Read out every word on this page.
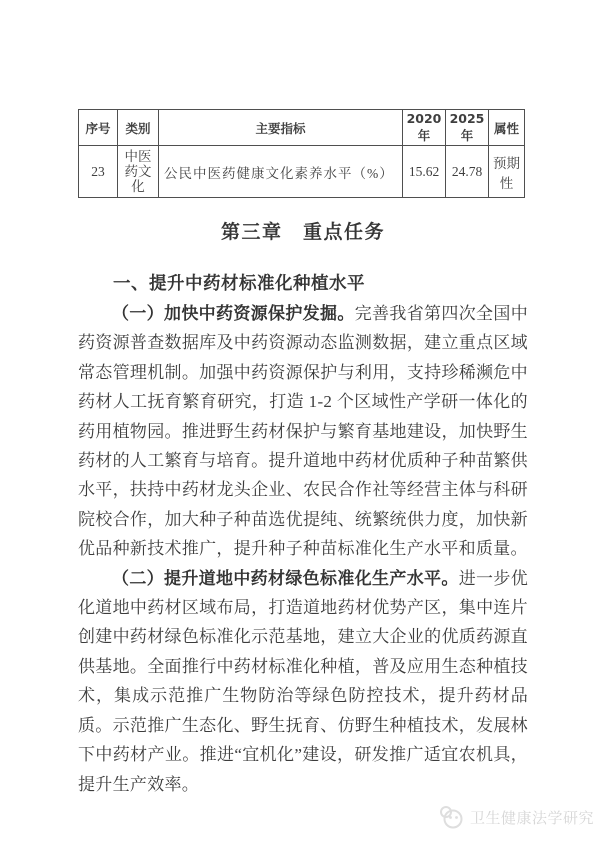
序号	类别	主要指标	2020 年	2025 年	属性
23	中医药文化	公民中医药健康文化素养水平（%）	15.62	24.78	预期性
第三章　重点任务
一、提升中药材标准化种植水平

（一）加快中药资源保护发掘。完善我省第四次全国中药资源普查数据库及中药资源动态监测数据，建立重点区域常态管理机制。加强中药资源保护与利用，支持珍稀濒危中药材人工抚育繁育研究，打造 1-2 个区域性产学研一体化的药用植物园。推进野生药材保护与繁育基地建设，加快野生药材的人工繁育与培育。提升道地中药材优质种子种苗繁供水平，扶持中药材龙头企业、农民合作社等经营主体与科研院校合作，加大种子种苗选优提纯、统繁统供力度，加快新优品种新技术推广，提升种子种苗标准化生产水平和质量。

（二）提升道地中药材绿色标准化生产水平。进一步优化道地中药材区域布局，打造道地药材优势产区，集中连片创建中药材绿色标准化示范基地，建立大企业的优质药源直供基地。全面推行中药材标准化种植，普及应用生态种植技术，集成示范推广生物防治等绿色防控技术，提升药材品质。示范推广生态化、野生抚育、仿野生种植技术，发展林下中药材产业。推进“宜机化”建设，研发推广适宜农机具，提升生产效率。

卫生健康法学研究
